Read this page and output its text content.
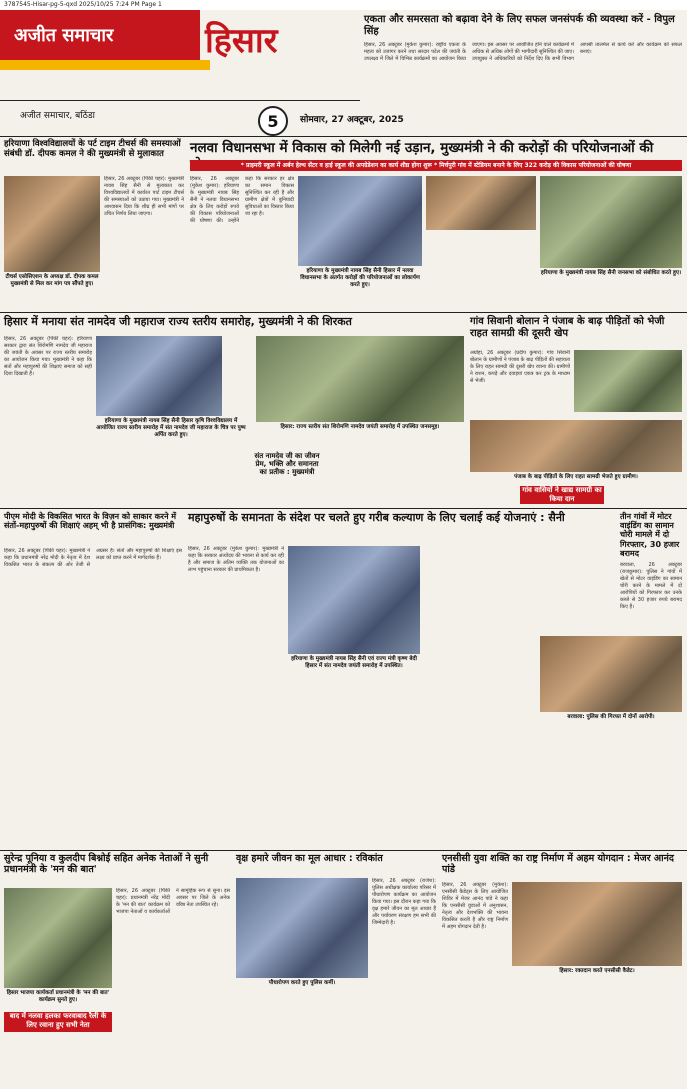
3787545-Hisar-pg-5-qxd 2025/10/25 7:24 PM Page 1
अजीत समाचार	हिसार
अजीत समाचार, बठिंडा	5	सोमवार, 27 अक्टूबर, 2025
एकता और समरसता को बढ़ावा देने के लिए सफल जनसंपर्क की व्यवस्था करें - विपुल सिंह
हिसार, 26 अक्टूबर (मुकेश कुमार): राष्ट्रीय एकता के महत्व को उजागर करने तथा सरदार पटेल की जयंती के उपलक्ष्य में जिले में विभिन्न कार्यक्रमों का आयोजन किया जाएगा। इस अवसर पर आयोजित होने वाले कार्यक्रमों में अधिक से अधिक लोगों की भागीदारी सुनिश्चित की जाए। उपायुक्त ने अधिकारियों को निर्देश दिए कि सभी विभाग आपसी तालमेल से कार्य करें और कार्यक्रम को सफल बनाएं।
हरियाणा विश्वविद्यालयों के पर्ट टाइम टीचर्स की समस्याओं संबंधी डॉ. दीपक कमल ने की मुख्यमंत्री से मुलाकात
टीचर्स एसोसिएशन के अध्यक्ष डॉ. दीपक कमल मुख्यमंत्री से मिल कर मांग पत्र सौंपते हुए।
हिसार, 26 अक्टूबर (पिंकी चहर): मुख्यमंत्री नायब सिंह सैनी से मुलाकात कर विश्वविद्यालयों में कार्यरत पार्ट टाइम टीचर्स की समस्याओं को उठाया गया। मुख्यमंत्री ने आश्वासन दिया कि शीघ्र ही सभी मांगों पर उचित निर्णय लिया जाएगा।
नलवा विधानसभा में विकास को मिलेगी नई उड़ान, मुख्यमंत्री ने की करोड़ों की परियोजनाओं की
* प्राइमरी स्कूल में अर्बन हेल्थ सेंटर व हाई स्कूल की अपग्रेडेशन का कार्य शीघ्र होगा शुरू * मिर्चपुरी गांव में स्टेडियम बनाने के लिए 322 करोड़ की विकास परियोजनाओं की घोषणा
हिसार, 26 अक्टूबर (मुकेश कुमार): हरियाणा के मुख्यमंत्री नायब सिंह सैनी ने नलवा विधानसभा क्षेत्र के लिए करोड़ों रुपये की विकास परियोजनाओं की घोषणा की। उन्होंने कहा कि सरकार हर क्षेत्र का समान विकास सुनिश्चित कर रही है और ग्रामीण क्षेत्रों में बुनियादी सुविधाओं का विस्तार किया जा रहा है।
हरियाणा के मुख्यमंत्री नायब सिंह सैनी हिसार में नलवा विधानसभा के अंतर्गत करोड़ों की परियोजनाओं का लोकार्पण करते हुए।
हरियाणा के मुख्यमंत्री नायब सिंह सैनी जनसभा को संबोधित करते हुए।
हिसार में मनाया संत नामदेव जी महाराज राज्य स्तरीय समारोह, मुख्यमंत्री ने की शिरकत
हिसार, 26 अक्टूबर (पिंकी चहर): हरियाणा सरकार द्वारा संत शिरोमणि नामदेव जी महाराज की जयंती के अवसर पर राज्य स्तरीय समारोह का आयोजन किया गया। मुख्यमंत्री ने कहा कि संतों और महापुरुषों की शिक्षाएं समाज को सही दिशा दिखाती हैं।
हरियाणा के मुख्यमंत्री नायब सिंह सैनी हिसार कृषि विश्वविद्यालय में आयोजित राज्य स्तरीय समारोह में संत नामदेव जी महाराज के चित्र पर पुष्प अर्पित करते हुए।
हिसार: राज्य स्तरीय संत शिरोमणि नामदेव जयंती समारोह में उपस्थित जनसमूह।
संत नामदेव जी का जीवन प्रेम, भक्ति और समानता का प्रतीक : मुख्यमंत्री
गांव सिवानी बोलान ने पंजाब के बाढ़ पीड़ितों को भेजी राहत सामग्री की दूसरी खेप
अग्रोहा, 26 अक्टूबर (प्रदीप कुमार): गांव सिवानी बोलान के ग्रामीणों ने पंजाब के बाढ़ पीड़ितों की सहायता के लिए राहत सामग्री की दूसरी खेप रवाना की। ग्रामीणों ने राशन, कपड़े और दवाइयां एकत्र कर ट्रक के माध्यम से भेजीं।
पंजाब के बाढ़ पीड़ितों के लिए राहत सामग्री भेजते हुए ग्रामीण।
गांव वासियों ने खाद्य सामग्री का किया दान
पीएम मोदी के विकसित भारत के विज़न को साकार करने में संतों-महापुरुषों की शिक्षाएं अहम् भी है प्रासंगिक: मुख्यमंत्री
हिसार, 26 अक्टूबर (पिंकी चहर): मुख्यमंत्री ने कहा कि प्रधानमंत्री नरेंद्र मोदी के नेतृत्व में देश विकसित भारत के संकल्प की ओर तेजी से अग्रसर है। संतों और महापुरुषों की शिक्षाएं इस लक्ष्य को प्राप्त करने में मार्गदर्शक हैं।
महापुरुषों के समानता के संदेश पर चलते हुए गरीब कल्याण के लिए चलाई कई योजनाएं : सैनी
हिसार, 26 अक्टूबर (मुकेश कुमार): मुख्यमंत्री ने कहा कि सरकार अंत्योदय की भावना से कार्य कर रही है और समाज के अंतिम व्यक्ति तक योजनाओं का लाभ पहुंचाना सरकार की प्राथमिकता है।
हरियाणा के मुख्यमंत्री नायब सिंह सैनी एवं राज्य मंत्री कृष्ण बेदी हिसार में संत नामदेव जयंती समारोह में उपस्थित।
तीन गांवों में मोटर वाइंडिंग का सामान चोरी मामले में दो गिरफ्तार, 30 हजार बरामद
बरवाला, 26 अक्टूबर (राजकुमार): पुलिस ने गांवों में खेतों से मोटर वाइंडिंग का सामान चोरी करने के मामले में दो आरोपियों को गिरफ्तार कर उनके कब्जे से 30 हजार रुपये बरामद किए हैं।
बरवाला: पुलिस की गिरफ्त में दोनों आरोपी।
सुरेन्द्र पूनिया व कुलदीप बिश्नोई सहित अनेक नेताओं ने सुनी प्रधानमंत्री के 'मन की बात'
हिसार भाजपा कार्यकर्ता प्रधानमंत्री के 'मन की बात' कार्यक्रम सुनते हुए।
बाद में नलवा हलका फरवाबाद रैली के लिए रवाना हुए सभी नेता
हिसार, 26 अक्टूबर (पिंकी चहर): प्रधानमंत्री नरेंद्र मोदी के 'मन की बात' कार्यक्रम को भाजपा नेताओं व कार्यकर्ताओं ने सामूहिक रूप से सुना। इस अवसर पर जिले के अनेक वरिष्ठ नेता उपस्थित रहे।
वृक्ष हमारे जीवन का मूल आधार : रविकांत
पौधारोपण करते हुए पुलिस कर्मी।
हिसार, 26 अक्टूबर (राजेश): पुलिस अधीक्षक कार्यालय परिसर में पौधारोपण कार्यक्रम का आयोजन किया गया। इस दौरान कहा गया कि वृक्ष हमारे जीवन का मूल आधार हैं और पर्यावरण संरक्षण हम सभी की जिम्मेदारी है।
एनसीसी युवा शक्ति का राष्ट्र निर्माण में अहम योगदान : मेजर आनंद पांडे
हिसार, 26 अक्टूबर (मुकेश): एनसीसी कैडेट्स के लिए आयोजित शिविर में मेजर आनंद पांडे ने कहा कि एनसीसी युवाओं में अनुशासन, नेतृत्व और देशभक्ति की भावना विकसित करती है और राष्ट्र निर्माण में अहम योगदान देती है।
हिसार: रक्तदान करते एनसीसी कैडेट।
